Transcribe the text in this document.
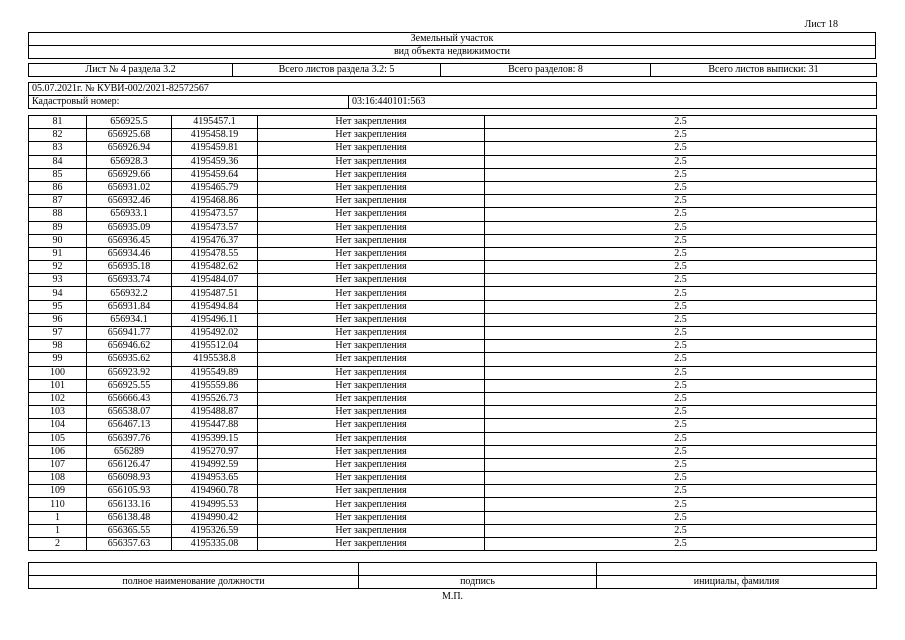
Лист 18
Земельный участок
вид объекта недвижимости
Лист № 4 раздела 3.2	Всего листов раздела 3.2: 5	Всего разделов: 8	Всего листов выписки: 31
05.07.2021г. № КУВИ-002/2021-82572567
Кадастровый номер:	03:16:440101:563
81	656925.5	4195457.1	Нет закрепления	2.5
82	656925.68	4195458.19	Нет закрепления	2.5
83	656926.94	4195459.81	Нет закрепления	2.5
84	656928.3	4195459.36	Нет закрепления	2.5
85	656929.66	4195459.64	Нет закрепления	2.5
86	656931.02	4195465.79	Нет закрепления	2.5
87	656932.46	4195468.86	Нет закрепления	2.5
88	656933.1	4195473.57	Нет закрепления	2.5
89	656935.09	4195473.57	Нет закрепления	2.5
90	656936.45	4195476.37	Нет закрепления	2.5
91	656934.46	4195478.55	Нет закрепления	2.5
92	656935.18	4195482.62	Нет закрепления	2.5
93	656933.74	4195484.07	Нет закрепления	2.5
94	656932.2	4195487.51	Нет закрепления	2.5
95	656931.84	4195494.84	Нет закрепления	2.5
96	656934.1	4195496.11	Нет закрепления	2.5
97	656941.77	4195492.02	Нет закрепления	2.5
98	656946.62	4195512.04	Нет закрепления	2.5
99	656935.62	4195538.8	Нет закрепления	2.5
100	656923.92	4195549.89	Нет закрепления	2.5
101	656925.55	4195559.86	Нет закрепления	2.5
102	656666.43	4195526.73	Нет закрепления	2.5
103	656538.07	4195488.87	Нет закрепления	2.5
104	656467.13	4195447.88	Нет закрепления	2.5
105	656397.76	4195399.15	Нет закрепления	2.5
106	656289	4195270.97	Нет закрепления	2.5
107	656126.47	4194992.59	Нет закрепления	2.5
108	656098.93	4194953.65	Нет закрепления	2.5
109	656105.93	4194960.78	Нет закрепления	2.5
110	656133.16	4194995.53	Нет закрепления	2.5
1	656138.48	4194990.42	Нет закрепления	2.5
1	656365.55	4195326.59	Нет закрепления	2.5
2	656357.63	4195335.08	Нет закрепления	2.5

полное наименование должности	подпись	инициалы, фамилия
М.П.
